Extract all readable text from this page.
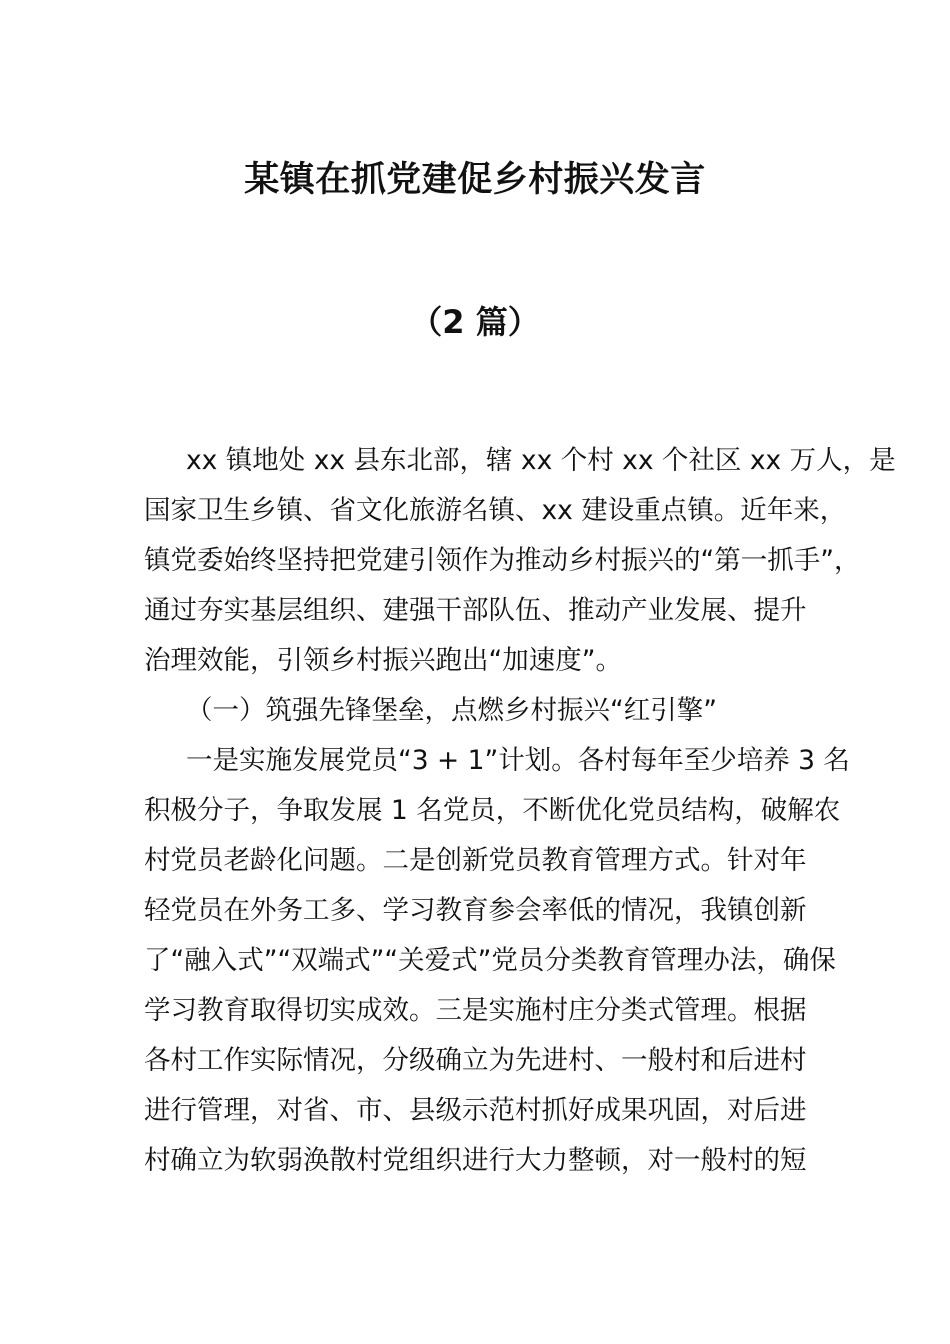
某镇在抓党建促乡村振兴发言
（2 篇）
xx 镇地处 xx 县东北部，辖 xx 个村 xx 个社区 xx 万人，是
国家卫生乡镇、省文化旅游名镇、xx 建设重点镇。近年来，
镇党委始终坚持把党建引领作为推动乡村振兴的“第一抓手”，
通过夯实基层组织、建强干部队伍、推动产业发展、提升
治理效能，引领乡村振兴跑出“加速度”。
（一）筑强先锋堡垒，点燃乡村振兴“红引擎”
一是实施发展党员“3 + 1”计划。各村每年至少培养 3 名
积极分子，争取发展 1 名党员，不断优化党员结构，破解农
村党员老龄化问题。二是创新党员教育管理方式。针对年
轻党员在外务工多、学习教育参会率低的情况，我镇创新
了“融入式”“双端式”“关爱式”党员分类教育管理办法，确保
学习教育取得切实成效。三是实施村庄分类式管理。根据
各村工作实际情况，分级确立为先进村、一般村和后进村
进行管理，对省、市、县级示范村抓好成果巩固，对后进
村确立为软弱涣散村党组织进行大力整顿，对一般村的短
